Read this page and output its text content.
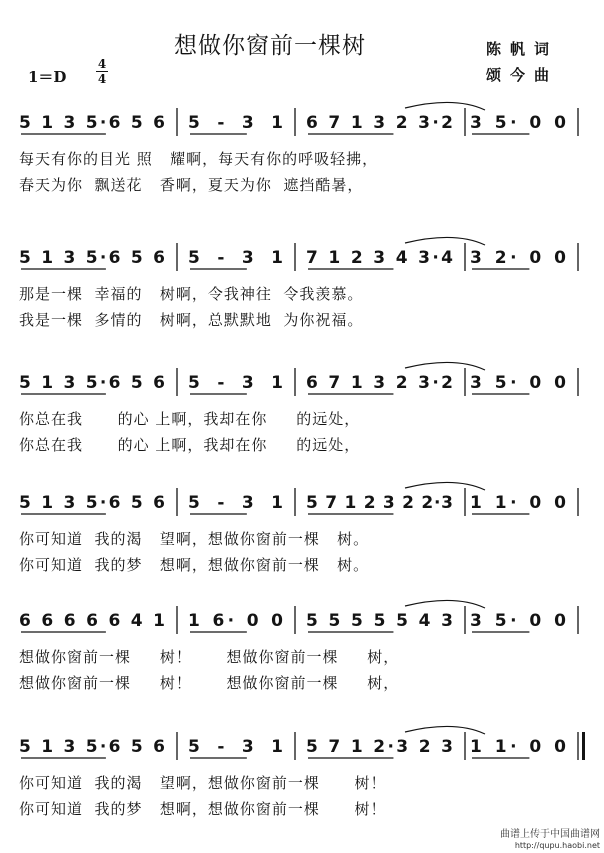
想做你窗前一棵树	陈帆词
颂今曲
1＝D
4
4
5 1 3 5·6 5 6 5 - 3 1 6 7 1 3 2 3·2 3 5· 0 0
每天有你的目光 照   耀啊，每天有你的呼吸轻拂，
春天为你  飘送花   香啊，夏天为你  遮挡酷暑，
5 1 3 5·6 5 6 5 - 3 1 7 1 2 3 4 3·4 3 2· 0 0
那是一棵  幸福的   树啊，令我神往  令我羡慕。
我是一棵  多情的   树啊，总默默地  为你祝福。
5 1 3 5·6 5 6 5 - 3 1 6 7 1 3 2 3·2 3 5· 0 0
你总在我      的心 上啊，我却在你     的远处，
你总在我      的心 上啊，我却在你     的远处，
5 1 3 5·6 5 6 5 - 3 1 5 7 1 2 3 2 2·3 1 1· 0 0
你可知道  我的渴   望啊，想做你窗前一棵   树。
你可知道  我的梦   想啊，想做你窗前一棵   树。
6 6 6 6 6 4 1 1 6· 0 0 5 5 5 5 5 4 3 3 5· 0 0
想做你窗前一棵     树！      想做你窗前一棵     树，
想做你窗前一棵     树！      想做你窗前一棵     树，
5 1 3 5·6 5 6 5 - 3 1 5 7 1 2·3 2 3 1 1· 0 0
你可知道  我的渴   望啊，想做你窗前一棵      树！
你可知道  我的梦   想啊，想做你窗前一棵      树！
曲谱上传于中国曲谱网
http://qupu.haobi.net
